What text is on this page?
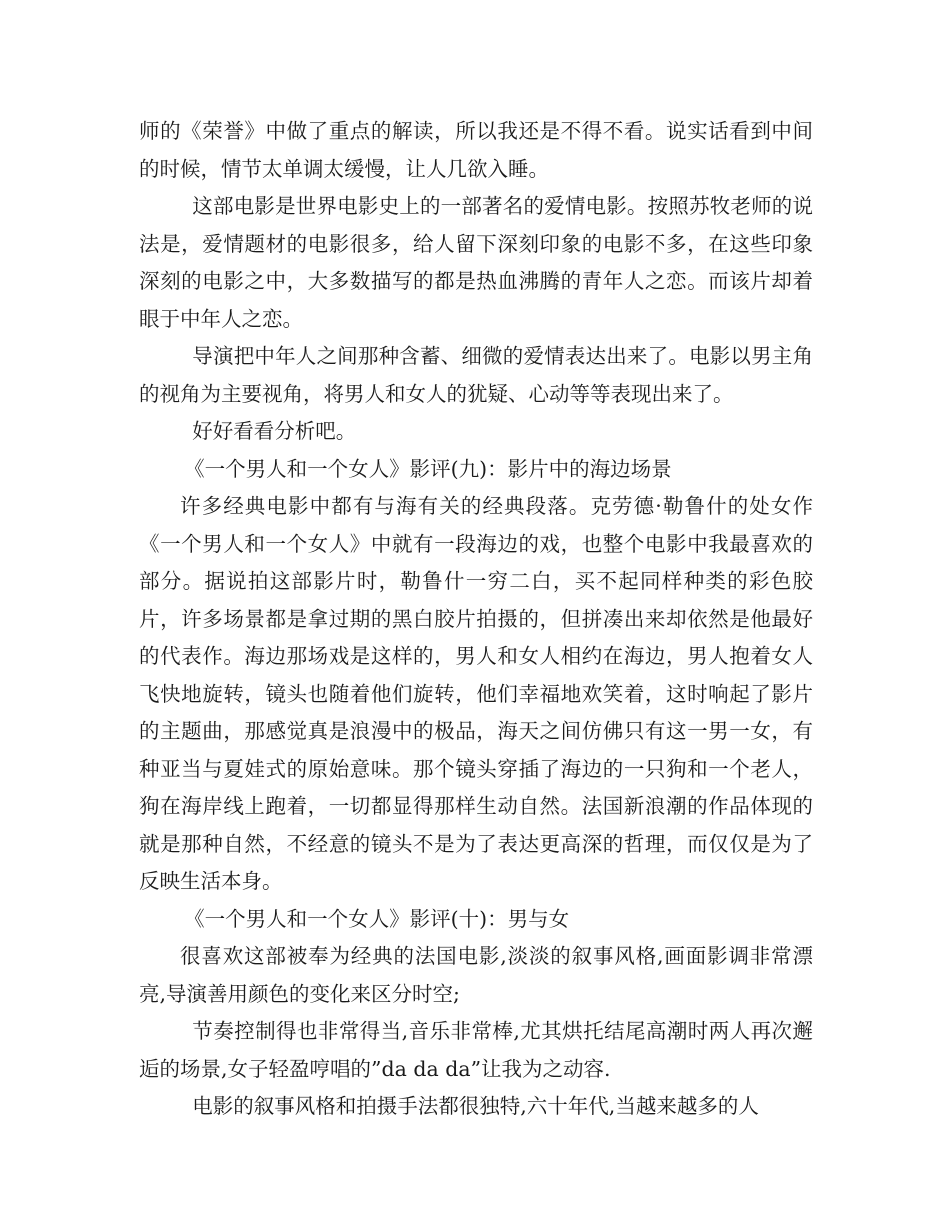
师的《荣誉》中做了重点的解读，所以我还是不得不看。说实话看到中间的时候，情节太单调太缓慢，让人几欲入睡。

这部电影是世界电影史上的一部著名的爱情电影。按照苏牧老师的说法是，爱情题材的电影很多，给人留下深刻印象的电影不多，在这些印象深刻的电影之中，大多数描写的都是热血沸腾的青年人之恋。而该片却着眼于中年人之恋。

导演把中年人之间那种含蓄、细微的爱情表达出来了。电影以男主角的视角为主要视角，将男人和女人的犹疑、心动等等表现出来了。

好好看看分析吧。

《一个男人和一个女人》影评(九)：影片中的海边场景

许多经典电影中都有与海有关的经典段落。克劳德·勒鲁什的处女作《一个男人和一个女人》中就有一段海边的戏，也整个电影中我最喜欢的部分。据说拍这部影片时，勒鲁什一穷二白，买不起同样种类的彩色胶片，许多场景都是拿过期的黑白胶片拍摄的，但拼凑出来却依然是他最好的代表作。海边那场戏是这样的，男人和女人相约在海边，男人抱着女人飞快地旋转，镜头也随着他们旋转，他们幸福地欢笑着，这时响起了影片的主题曲，那感觉真是浪漫中的极品，海天之间仿佛只有这一男一女，有种亚当与夏娃式的原始意味。那个镜头穿插了海边的一只狗和一个老人，狗在海岸线上跑着，一切都显得那样生动自然。法国新浪潮的作品体现的就是那种自然，不经意的镜头不是为了表达更高深的哲理，而仅仅是为了反映生活本身。

《一个男人和一个女人》影评(十)：男与女

很喜欢这部被奉为经典的法国电影,淡淡的叙事风格,画面影调非常漂亮,导演善用颜色的变化来区分时空;

节奏控制得也非常得当,音乐非常棒,尤其烘托结尾高潮时两人再次邂逅的场景,女子轻盈哼唱的”da da da”让我为之动容.

电影的叙事风格和拍摄手法都很独特,六十年代,当越来越多的人
